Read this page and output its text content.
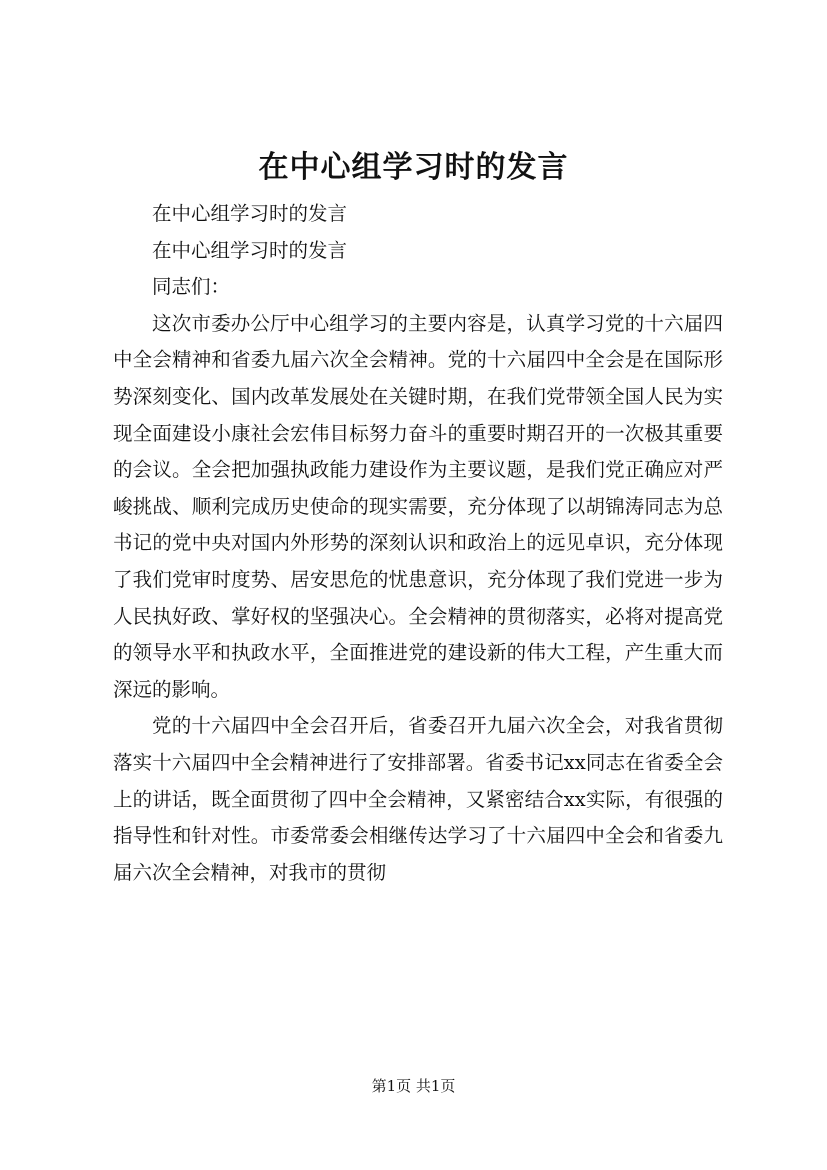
在中心组学习时的发言

在中心组学习时的发言

在中心组学习时的发言

同志们：

这次市委办公厅中心组学习的主要内容是，认真学习党的十六届四中全会精神和省委九届六次全会精神。党的十六届四中全会是在国际形势深刻变化、国内改革发展处在关键时期，在我们党带领全国人民为实现全面建设小康社会宏伟目标努力奋斗的重要时期召开的一次极其重要的会议。全会把加强执政能力建设作为主要议题，是我们党正确应对严峻挑战、顺利完成历史使命的现实需要，充分体现了以胡锦涛同志为总书记的党中央对国内外形势的深刻认识和政治上的远见卓识，充分体现了我们党审时度势、居安思危的忧患意识，充分体现了我们党进一步为人民执好政、掌好权的坚强决心。全会精神的贯彻落实，必将对提高党的领导水平和执政水平，全面推进党的建设新的伟大工程，产生重大而深远的影响。

党的十六届四中全会召开后，省委召开九届六次全会，对我省贯彻落实十六届四中全会精神进行了安排部署。省委书记xx同志在省委全会上的讲话，既全面贯彻了四中全会精神，又紧密结合xx实际，有很强的指导性和针对性。市委常委会相继传达学习了十六届四中全会和省委九届六次全会精神，对我市的贯彻

第1页 共1页
